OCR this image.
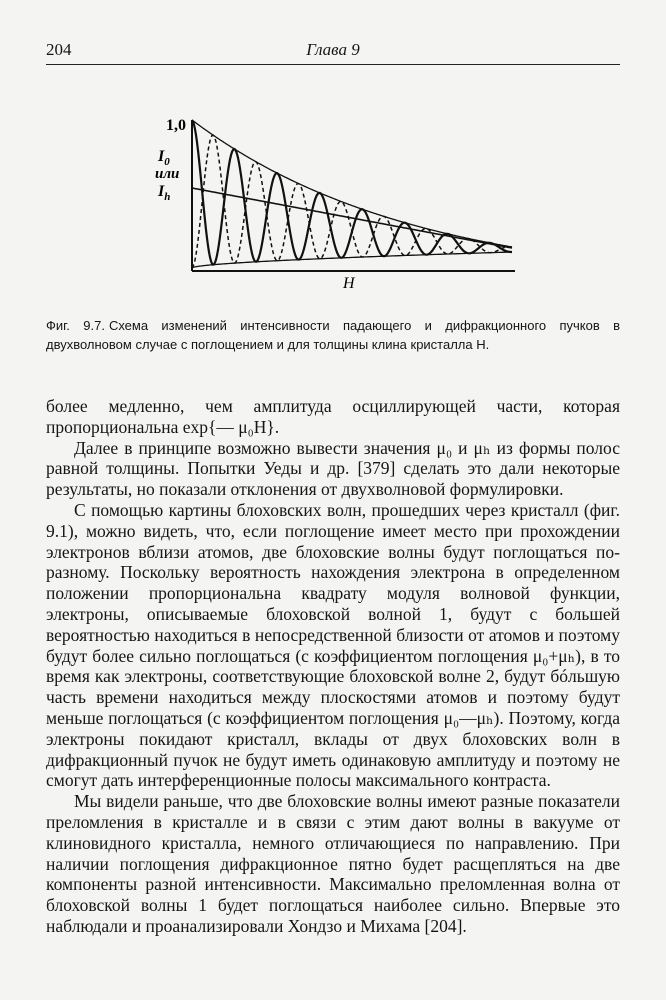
204	Глава 9
1,0
$I_0$
или
$I_h$
H
Фиг. 9.7. Схема изменений интенсивности падающего и дифракционного пучков в двухволновом случае с поглощением и для толщины клина кристалла H.

более медленно, чем амплитуда осциллирующей части, которая пропорциональна exp{— μ₀H}.

Далее в принципе возможно вывести значения μ₀ и μₕ из формы полос равной толщины. Попытки Уеды и др. [379] сделать это дали некоторые результаты, но показали отклонения от двухволновой формулировки.

С помощью картины блоховских волн, прошедших через кристалл (фиг. 9.1), можно видеть, что, если поглощение имеет место при прохождении электронов вблизи атомов, две блоховские волны будут поглощаться по-разному. Поскольку вероятность нахождения электрона в определенном положении пропорциональна квадрату модуля волновой функции, электроны, описываемые блоховской волной 1, будут с большей вероятностью находиться в непосредственной близости от атомов и поэтому будут более сильно поглощаться (с коэффициентом поглощения μ₀+μₕ), в то время как электроны, соответствующие блоховской волне 2, будут бóльшую часть времени находиться между плоскостями атомов и поэтому будут меньше поглощаться (с коэффициентом поглощения μ₀—μₕ). Поэтому, когда электроны покидают кристалл, вклады от двух блоховских волн в дифракционный пучок не будут иметь одинаковую амплитуду и поэтому не смогут дать интерференционные полосы максимального контраста.

Мы видели раньше, что две блоховские волны имеют разные показатели преломления в кристалле и в связи с этим дают волны в вакууме от клиновидного кристалла, немного отличающиеся по направлению. При наличии поглощения дифракционное пятно будет расщепляться на две компоненты разной интенсивности. Максимально преломленная волна от блоховской волны 1 будет поглощаться наиболее сильно. Впервые это наблюдали и проанализировали Хондзо и Михама [204].
